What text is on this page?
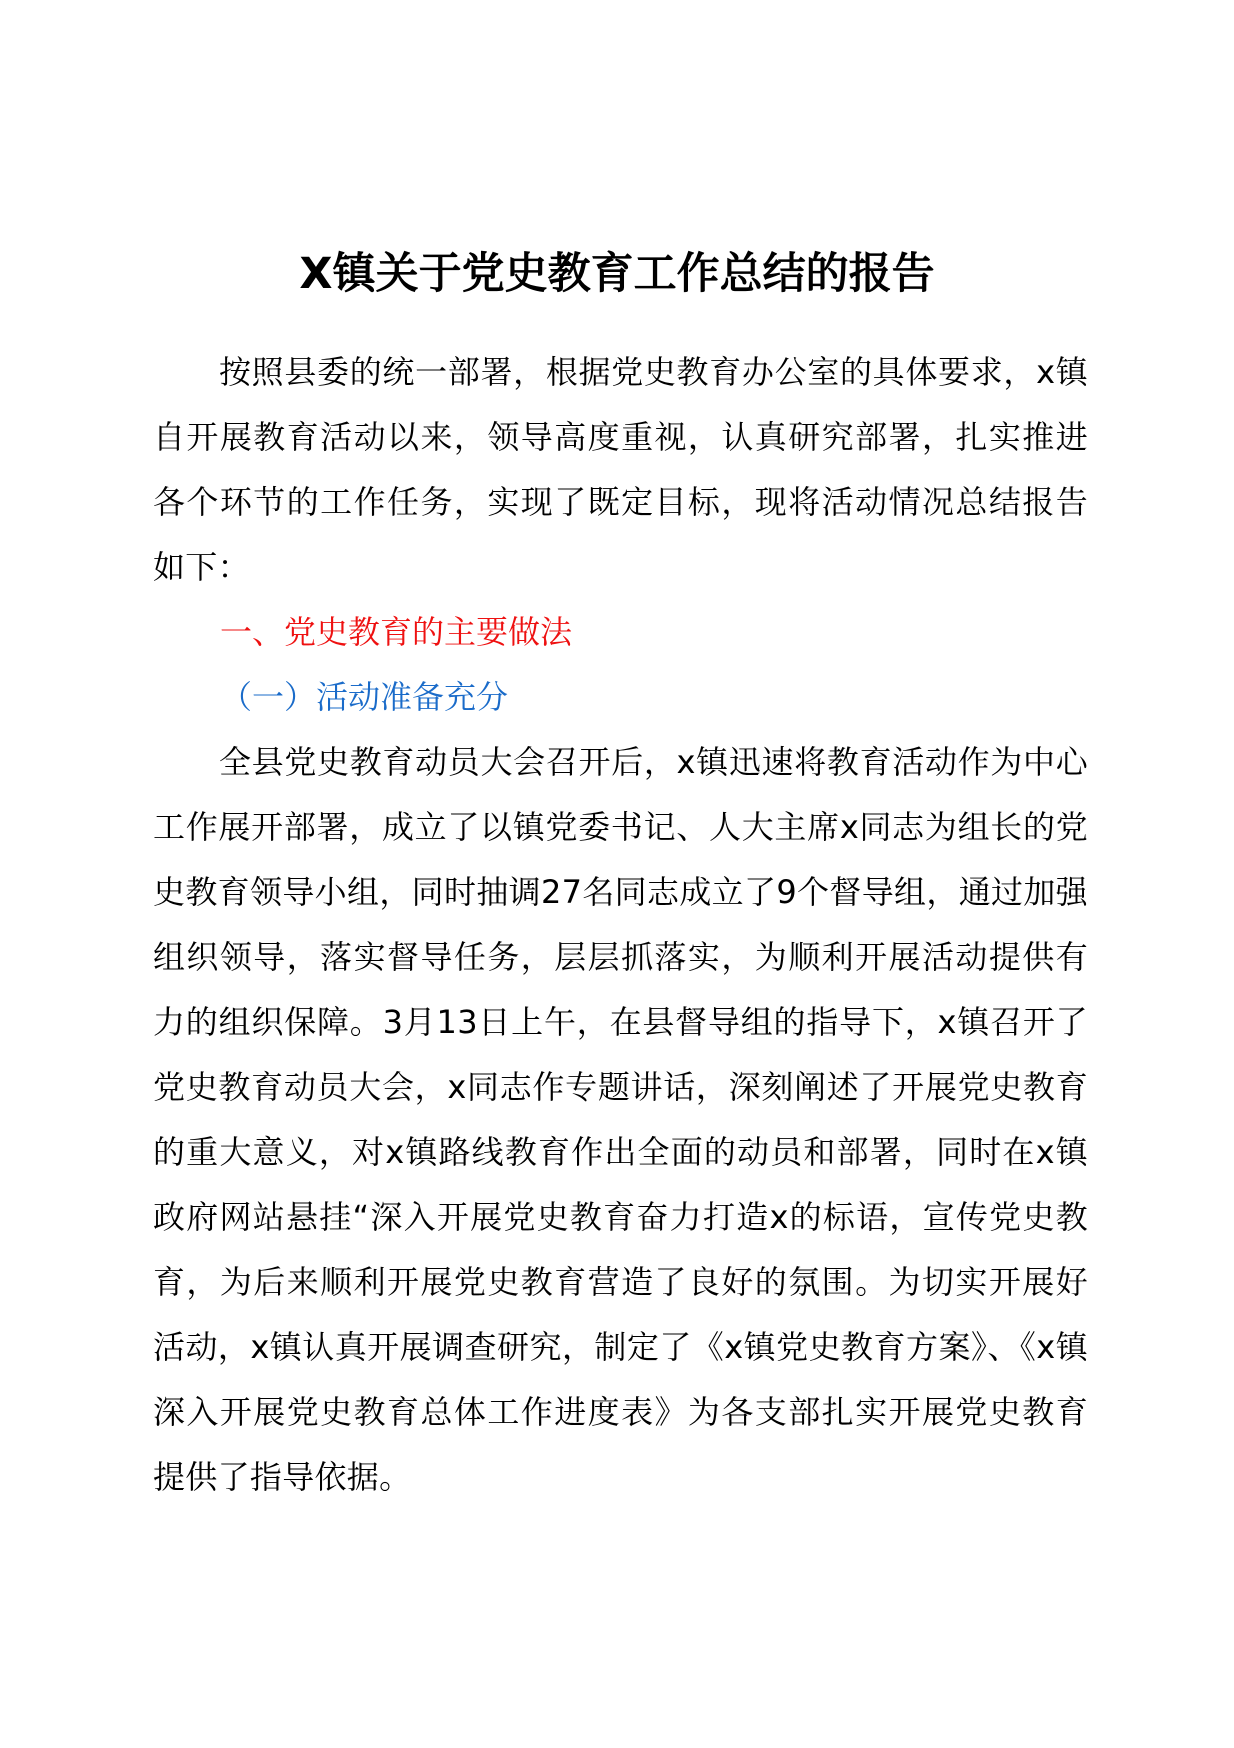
X镇关于党史教育工作总结的报告

按照县委的统一部署，根据党史教育办公室的具体要求，x镇自开展教育活动以来，领导高度重视，认真研究部署，扎实推进各个环节的工作任务，实现了既定目标，现将活动情况总结报告如下：

一、党史教育的主要做法
（一）活动准备充分

全县党史教育动员大会召开后，x镇迅速将教育活动作为中心工作展开部署，成立了以镇党委书记、人大主席x同志为组长的党史教育领导小组，同时抽调27名同志成立了9个督导组，通过加强组织领导，落实督导任务，层层抓落实，为顺利开展活动提供有力的组织保障。3月13日上午，在县督导组的指导下，x镇召开了党史教育动员大会，x同志作专题讲话，深刻阐述了开展党史教育的重大意义，对x镇路线教育作出全面的动员和部署，同时在x镇政府网站悬挂“深入开展党史教育奋力打造x的标语，宣传党史教育，为后来顺利开展党史教育营造了良好的氛围。为切实开展好活动，x镇认真开展调查研究，制定了《x镇党史教育方案》、《x镇深入开展党史教育总体工作进度表》为各支部扎实开展党史教育提供了指导依据。
